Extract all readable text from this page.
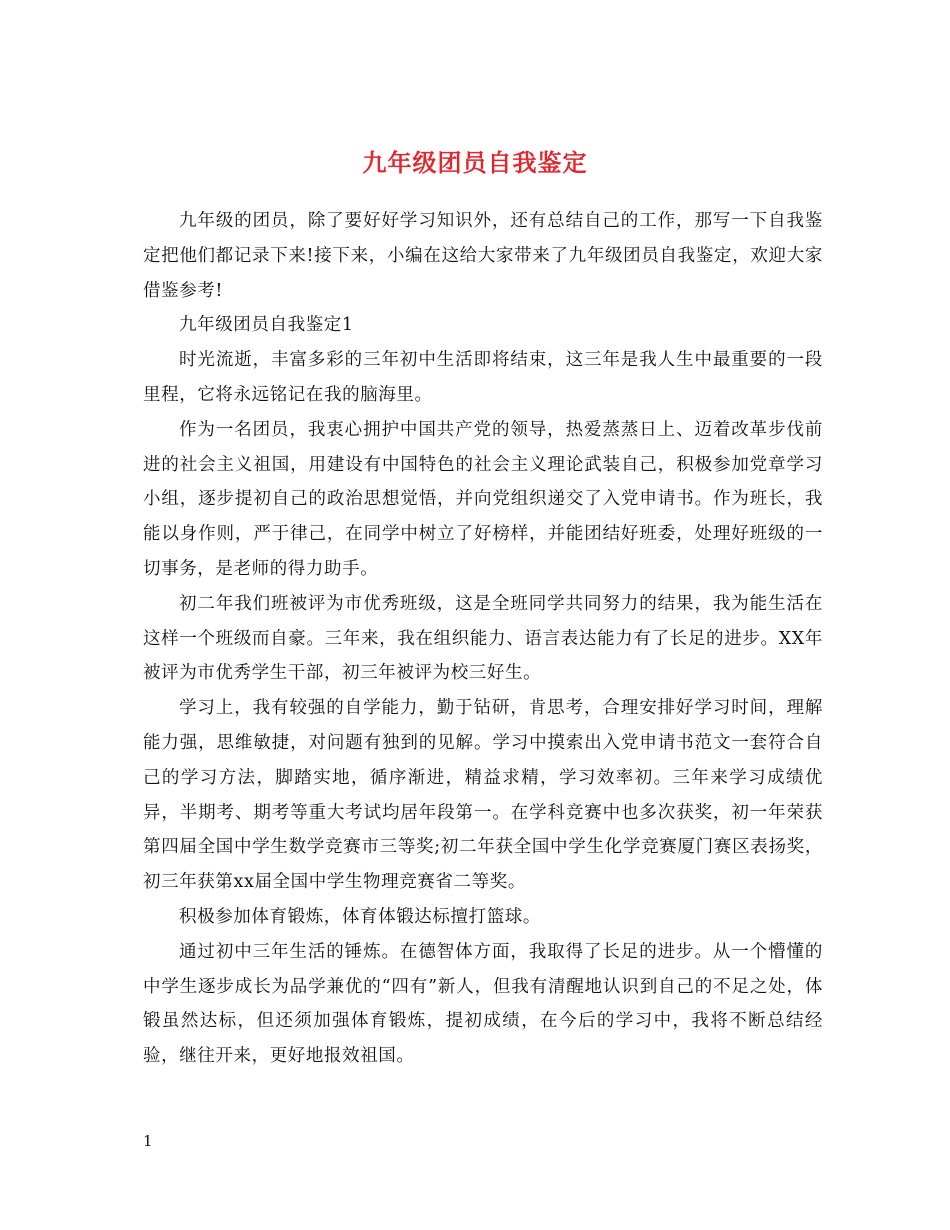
九年级团员自我鉴定

九年级的团员，除了要好好学习知识外，还有总结自己的工作，那写一下自我鉴定把他们都记录下来!接下来，小编在这给大家带来了九年级团员自我鉴定，欢迎大家借鉴参考!

九年级团员自我鉴定1

时光流逝，丰富多彩的三年初中生活即将结束，这三年是我人生中最重要的一段里程，它将永远铭记在我的脑海里。

作为一名团员，我衷心拥护中国共产党的领导，热爱蒸蒸日上、迈着改革步伐前进的社会主义祖国，用建设有中国特色的社会主义理论武装自己，积极参加党章学习小组，逐步提初自己的政治思想觉悟，并向党组织递交了入党申请书。作为班长，我能以身作则，严于律己，在同学中树立了好榜样，并能团结好班委，处理好班级的一切事务，是老师的得力助手。

初二年我们班被评为市优秀班级，这是全班同学共同努力的结果，我为能生活在这样一个班级而自豪。三年来，我在组织能力、语言表达能力有了长足的进步。XX年被评为市优秀学生干部，初三年被评为校三好生。

学习上，我有较强的自学能力，勤于钻研，肯思考，合理安排好学习时间，理解能力强，思维敏捷，对问题有独到的见解。学习中摸索出入党申请书范文一套符合自己的学习方法，脚踏实地，循序渐进，精益求精，学习效率初。三年来学习成绩优异，半期考、期考等重大考试均居年段第一。在学科竞赛中也多次获奖，初一年荣获第四届全国中学生数学竞赛市三等奖;初二年获全国中学生化学竞赛厦门赛区表扬奖，初三年获第xx届全国中学生物理竞赛省二等奖。

积极参加体育锻炼，体育体锻达标擅打篮球。

通过初中三年生活的锤炼。在德智体方面，我取得了长足的进步。从一个懵懂的中学生逐步成长为品学兼优的“四有”新人，但我有清醒地认识到自己的不足之处，体锻虽然达标，但还须加强体育锻炼，提初成绩，在今后的学习中，我将不断总结经验，继往开来，更好地报效祖国。

1
